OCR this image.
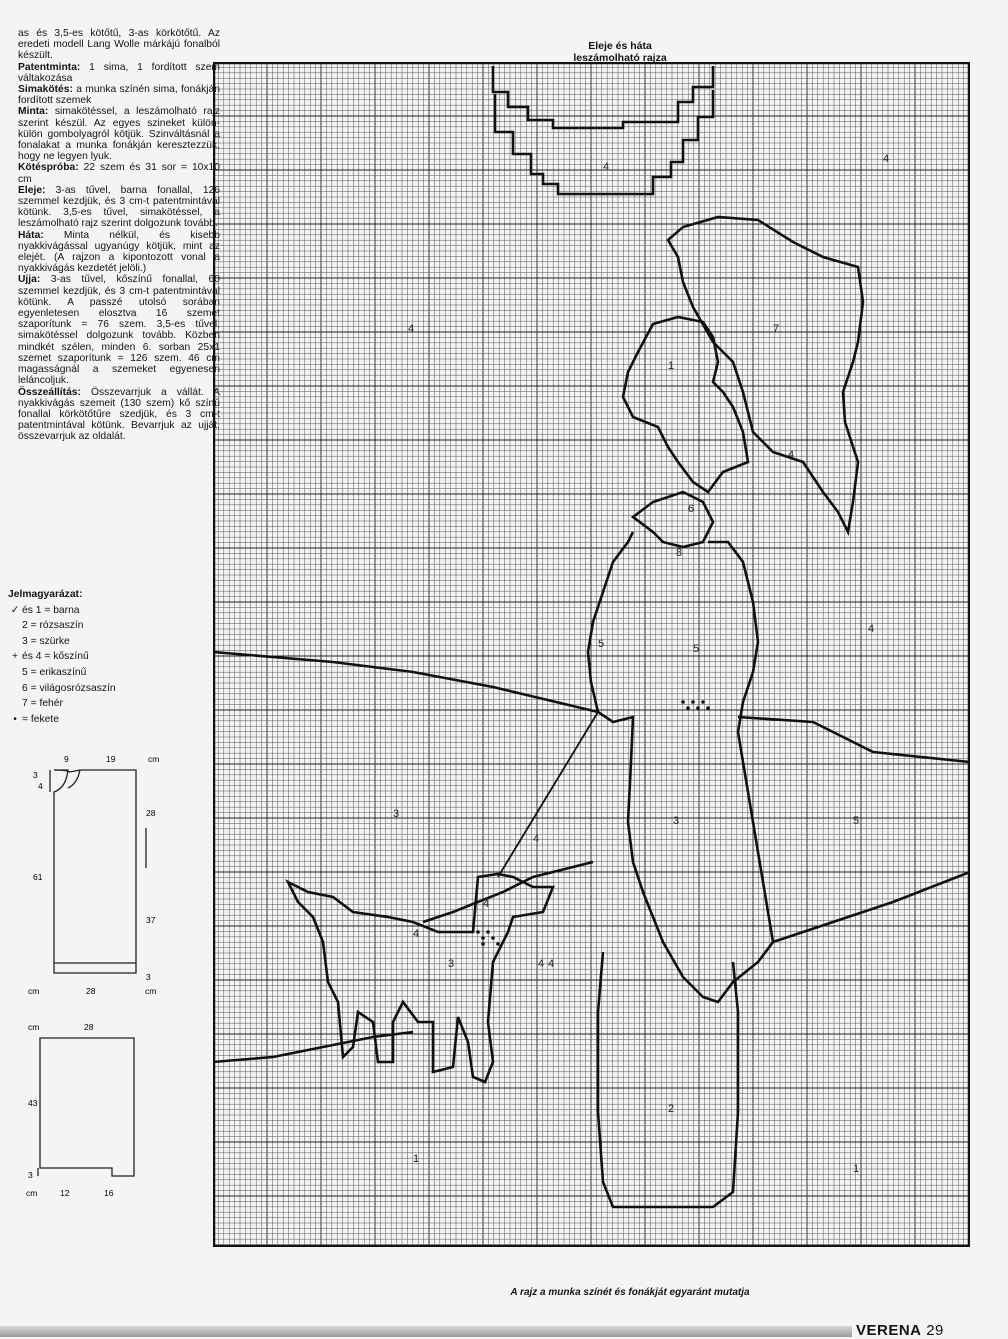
as és 3,5-es kötőtű, 3-as körkötőtű. Az eredeti modell Lang Wolle márkájú fonalból készült.

Patentminta: 1 sima, 1 fordított szem váltakozása

Simakötés: a munka színén sima, fonákján fordított szemek

Minta: simakötéssel, a leszámolható rajz szerint készül. Az egyes szineket külön-külön gombolyagról kötjük. Szinváltásnál a fonalakat a munka fonákján keresztezzük, hogy ne legyen lyuk.

Kötéspróba: 22 szem és 31 sor = 10x10 cm

Eleje: 3-as tűvel, barna fonallal, 126 szemmel kezdjük, és 3 cm-t patentmintával kötünk. 3,5-es tűvel, simakötéssel, a leszámolható rajz szerint dolgozunk tovább.

Háta: Minta nélkül, és kisebb nyakkivágással ugyanúgy kötjük, mint az elejét. (A rajzon a kipontozott vonal a nyakkivágás kezdetét jelöli.)

Ujja: 3-as tűvel, kőszínű fonallal, 60 szemmel kezdjük, és 3 cm-t patentmintával kötünk. A passzé utolsó sorában egyenletesen elosztva 16 szemet szaporítunk = 76 szem. 3,5-es tűvel, simakötéssel dolgozunk tovább. Közben mindkét szélen, minden 6. sorban 25x1 szemet szaporítunk = 126 szem. 46 cm magasságnál a szemeket egyenesen leláncoljuk.

Összeállítás: Összevarrjuk a vállát. A nyakkivágás szemeit (130 szem) kő színű fonallal körkötőtűre szedjük, és 3 cm-t patentmintával kötünk. Bevarrjuk az ujját, összevarrjuk az oldalát.

Jelmagyarázat:
✓ és 1 = barna
2 = rózsaszín
3 = szürke
+ és 4 = kőszínű
5 = erikaszínű
6 = világosrózsaszín
7 = fehér
• = fekete
9	19	cm
3
4
61
28
37
cm	28
3
cm
cm	28
43
3
cm	12	16
Eleje és háta
leszámolható rajza
4
4
4	7
1
4
6
8
5	5
3	5
3
4
4
4
4
4
3
2
1
1
4
A rajz a munka színét és fonákját egyaránt mutatja
VERENA 29
